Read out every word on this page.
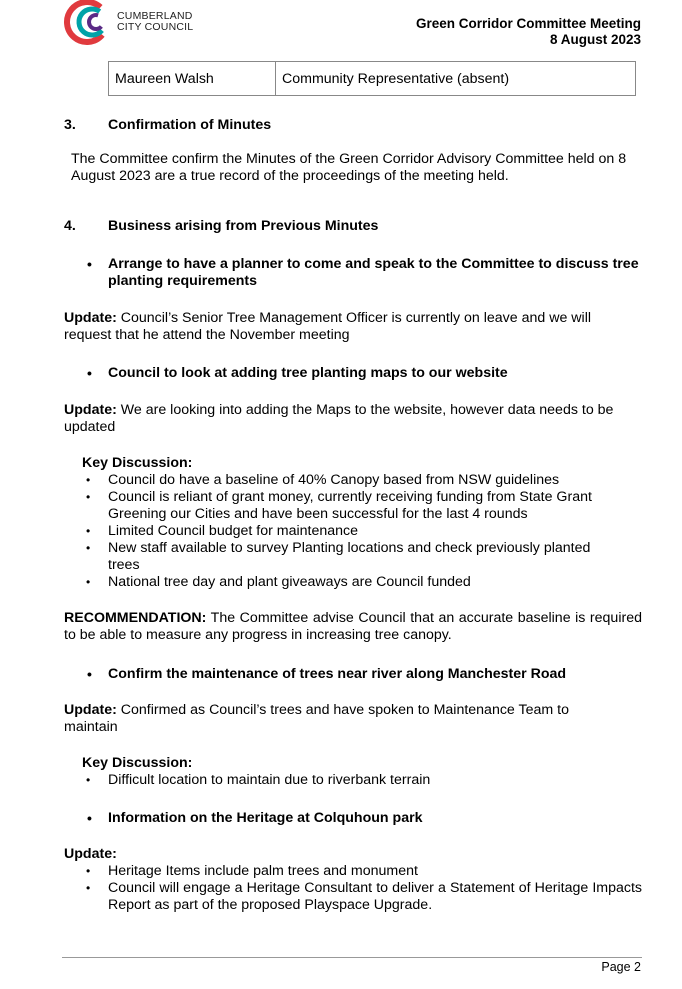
CUMBERLAND
CITY COUNCIL	Green Corridor Committee Meeting
8 August 2023
Maureen Walsh	Community Representative (absent)
3. Confirmation of Minutes
The Committee confirm the Minutes of the Green Corridor Advisory Committee held on 8 August 2023 are a true record of the proceedings of the meeting held.
4. Business arising from Previous Minutes
• Arrange to have a planner to come and speak to the Committee to discuss tree planting requirements
Update: Council’s Senior Tree Management Officer is currently on leave and we will request that he attend the November meeting
• Council to look at adding tree planting maps to our website
Update: We are looking into adding the Maps to the website, however data needs to be updated
Key Discussion:
• Council do have a baseline of 40% Canopy based from NSW guidelines
• Council is reliant of grant money, currently receiving funding from State Grant Greening our Cities and have been successful for the last 4 rounds
• Limited Council budget for maintenance
• New staff available to survey Planting locations and check previously planted trees
• National tree day and plant giveaways are Council funded
RECOMMENDATION: The Committee advise Council that an accurate baseline is required to be able to measure any progress in increasing tree canopy.
• Confirm the maintenance of trees near river along Manchester Road
Update: Confirmed as Council’s trees and have spoken to Maintenance Team to maintain
Key Discussion:
• Difficult location to maintain due to riverbank terrain
• Information on the Heritage at Colquhoun park
Update:
• Heritage Items include palm trees and monument
• Council will engage a Heritage Consultant to deliver a Statement of Heritage Impacts Report as part of the proposed Playspace Upgrade.
Page 2
